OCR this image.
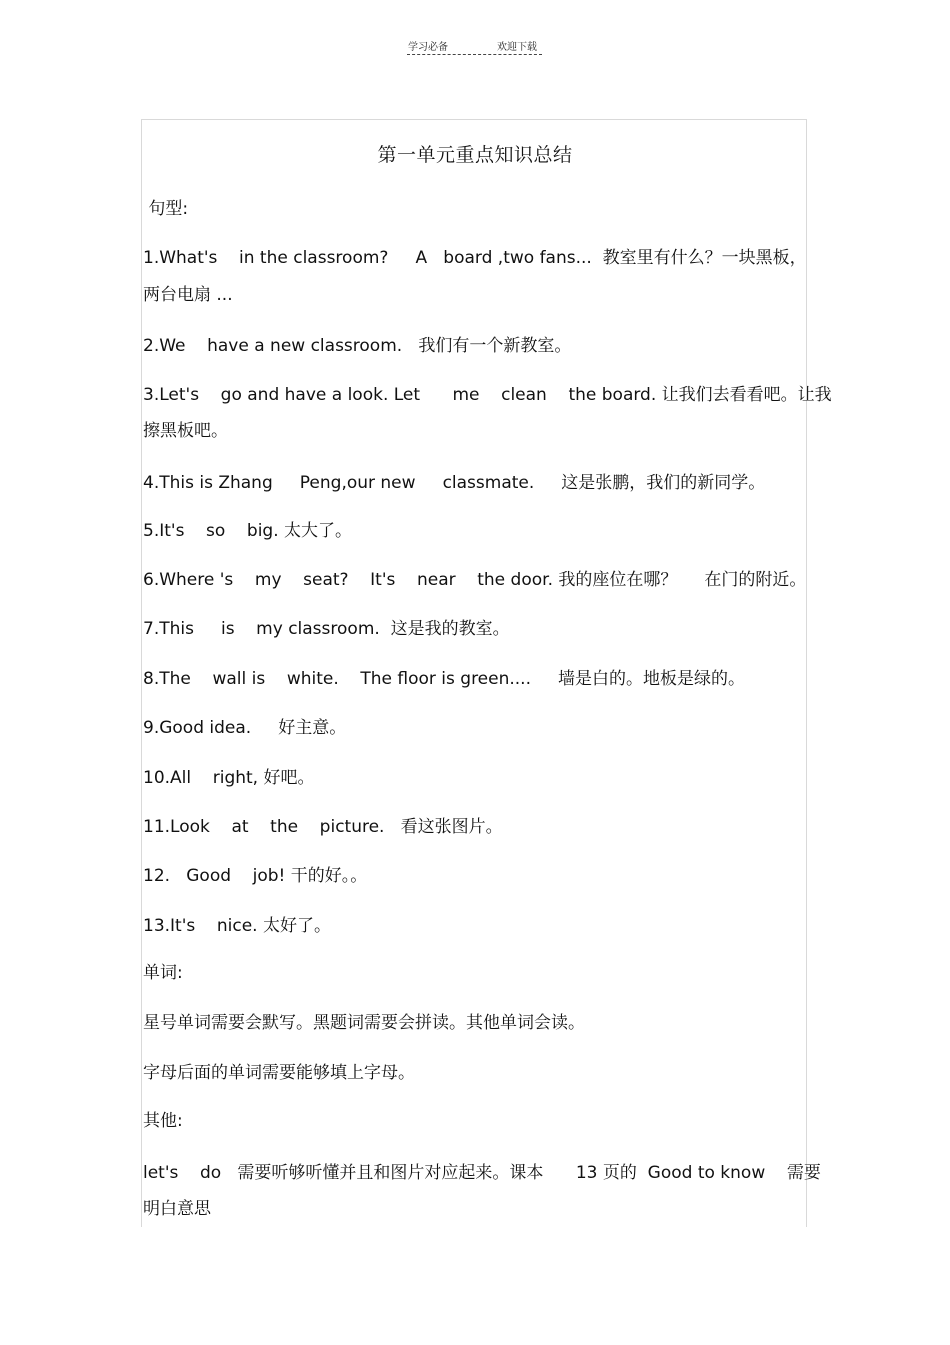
学习必备	欢迎下载
第一单元重点知识总结
句型:
1.What's    in the classroom?     A   board ,two fans...  教室里有什么？一块黑板，
两台电扇 ...
2.We    have a new classroom.   我们有一个新教室。
3.Let's    go and have a look. Let      me    clean    the board. 让我们去看看吧。让我
擦黑板吧。
4.This is Zhang     Peng,our new     classmate.     这是张鹏，我们的新同学。
5.It's    so    big. 太大了。
6.Where 's    my    seat?    It's    near    the door. 我的座位在哪？     在门的附近。
7.This     is    my classroom.  这是我的教室。
8.The    wall is    white.    The floor is green....     墙是白的。地板是绿的。
9.Good idea.     好主意。
10.All    right, 好吧。
11.Look    at    the    picture.   看这张图片。
12.   Good    job! 干的好。。
13.It's    nice. 太好了。
单词:
星号单词需要会默写。黑题词需要会拼读。其他单词会读。
字母后面的单词需要能够填上字母。
其他:
let's    do   需要听够听懂并且和图片对应起来。课本      13 页的  Good to know    需要
明白意思
